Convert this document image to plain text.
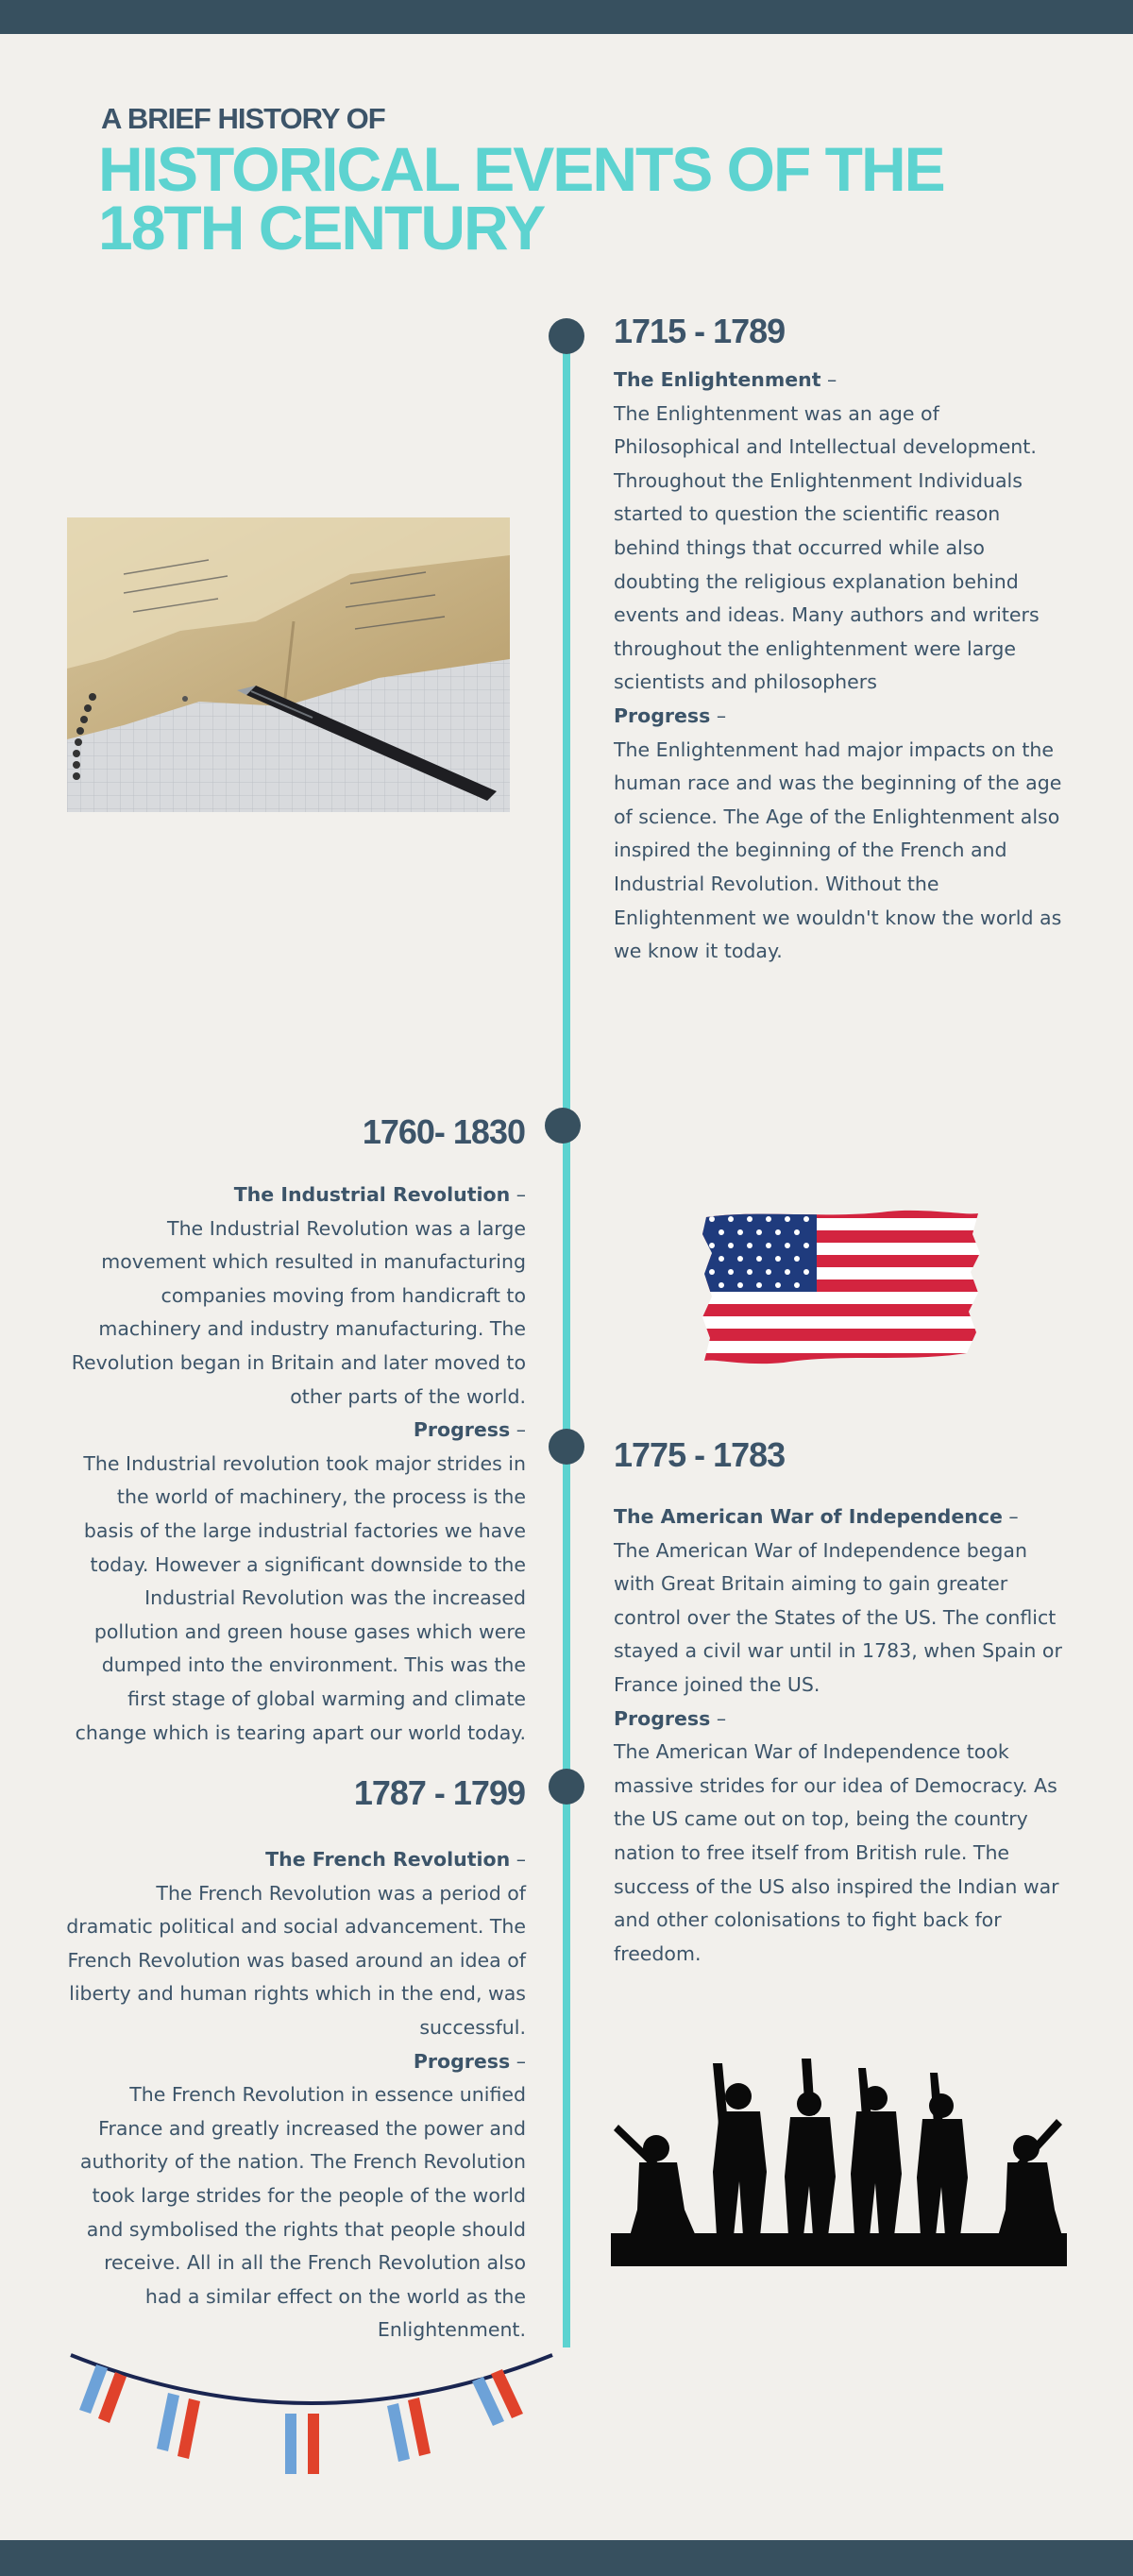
A BRIEF HISTORY OF
HISTORICAL EVENTS OF THE 18TH CENTURY
1715 - 1789

The Enlightenment –

The Enlightenment was an age of Philosophical and Intellectual development. Throughout the Enlightenment Individuals started to question the scientific reason behind things that occurred while also doubting the religious explanation behind events and ideas. Many authors and writers throughout the enlightenment were large scientists and philosophers

Progress –

The Enlightenment had major impacts on the human race and was the beginning of the age of science. The Age of the Enlightenment also inspired the beginning of the French and Industrial Revolution. Without the Enlightenment we wouldn't know the world as we know it today.

1760- 1830

The Industrial Revolution –

The Industrial Revolution was a large movement which resulted in manufacturing companies moving from handicraft to machinery and industry manufacturing. The Revolution began in Britain and later moved to other parts of the world.

Progress –

The Industrial revolution took major strides in the world of machinery, the process is the basis of the large industrial factories we have today. However a significant downside to the Industrial Revolution was the increased pollution and green house gases which were dumped into the environment. This was the first stage of global warming and climate change which is tearing apart our world today.

1775 - 1783

The American War of Independence –

The American War of Independence began with Great Britain aiming to gain greater control over the States of the US. The conflict stayed a civil war until in 1783, when Spain or France joined the US.

Progress –

The American War of Independence took massive strides for our idea of Democracy. As the US came out on top, being the country nation to free itself from British rule. The success of the US also inspired the Indian war and other colonisations to fight back for freedom.

1787 - 1799

The French Revolution –

The French Revolution was a period of dramatic political and social advancement. The French Revolution was based around an idea of liberty and human rights which in the end, was successful.

Progress –

The French Revolution in essence unified France and greatly increased the power and authority of the nation. The French Revolution took large strides for the people of the world and symbolised the rights that people should receive. All in all the French Revolution also had a similar effect on the world as the Enlightenment.
